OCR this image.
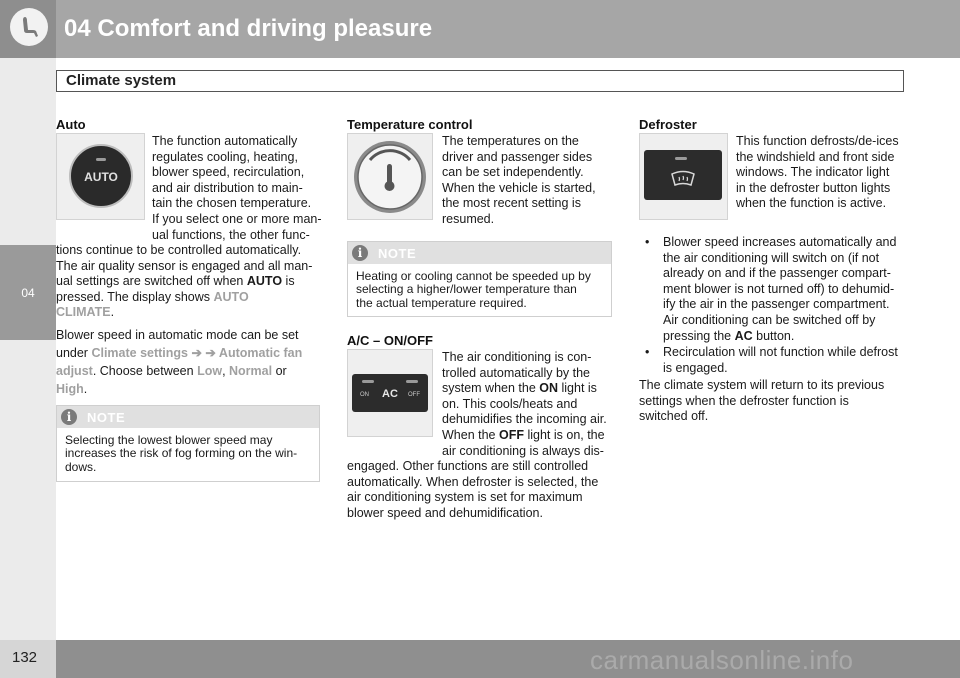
04 Comfort and driving pleasure
Climate system
04
Auto
AUTO
The function automatically
regulates cooling, heating,
blower speed, recirculation,
and air distribution to main-
tain the chosen temperature.
If you select one or more man-
ual functions, the other func-
tions continue to be controlled automatically.
The air quality sensor is engaged and all man-
ual settings are switched off when AUTO is
pressed. The display shows AUTO
CLIMATE.
Blower speed in automatic mode can be set
under Climate settings ➔ ➔ Automatic fan
adjust. Choose between Low, Normal or
High.
i	NOTE
Selecting the lowest blower speed may
increases the risk of fog forming on the win-
dows.
Temperature control
The temperatures on the
driver and passenger sides
can be set independently.
When the vehicle is started,
the most recent setting is
resumed.
i	NOTE
Heating or cooling cannot be speeded up by
selecting a higher/lower temperature than
the actual temperature required.
A/C – ON/OFF
ON AC OFF
The air conditioning is con-
trolled automatically by the
system when the ON light is
on. This cools/heats and
dehumidifies the incoming air.
When the OFF light is on, the
air conditioning is always dis-
engaged. Other functions are still controlled
automatically. When defroster is selected, the
air conditioning system is set for maximum
blower speed and dehumidification.
Defroster
This function defrosts/de-ices
the windshield and front side
windows. The indicator light
in the defroster button lights
when the function is active.
• Blower speed increases automatically and
the air conditioning will switch on (if not
already on and if the passenger compart-
ment blower is not turned off) to dehumid-
ify the air in the passenger compartment.
Air conditioning can be switched off by
pressing the AC button.
• Recirculation will not function while defrost
is engaged.
The climate system will return to its previous
settings when the defroster function is
switched off.
132	carmanualsonline.info
